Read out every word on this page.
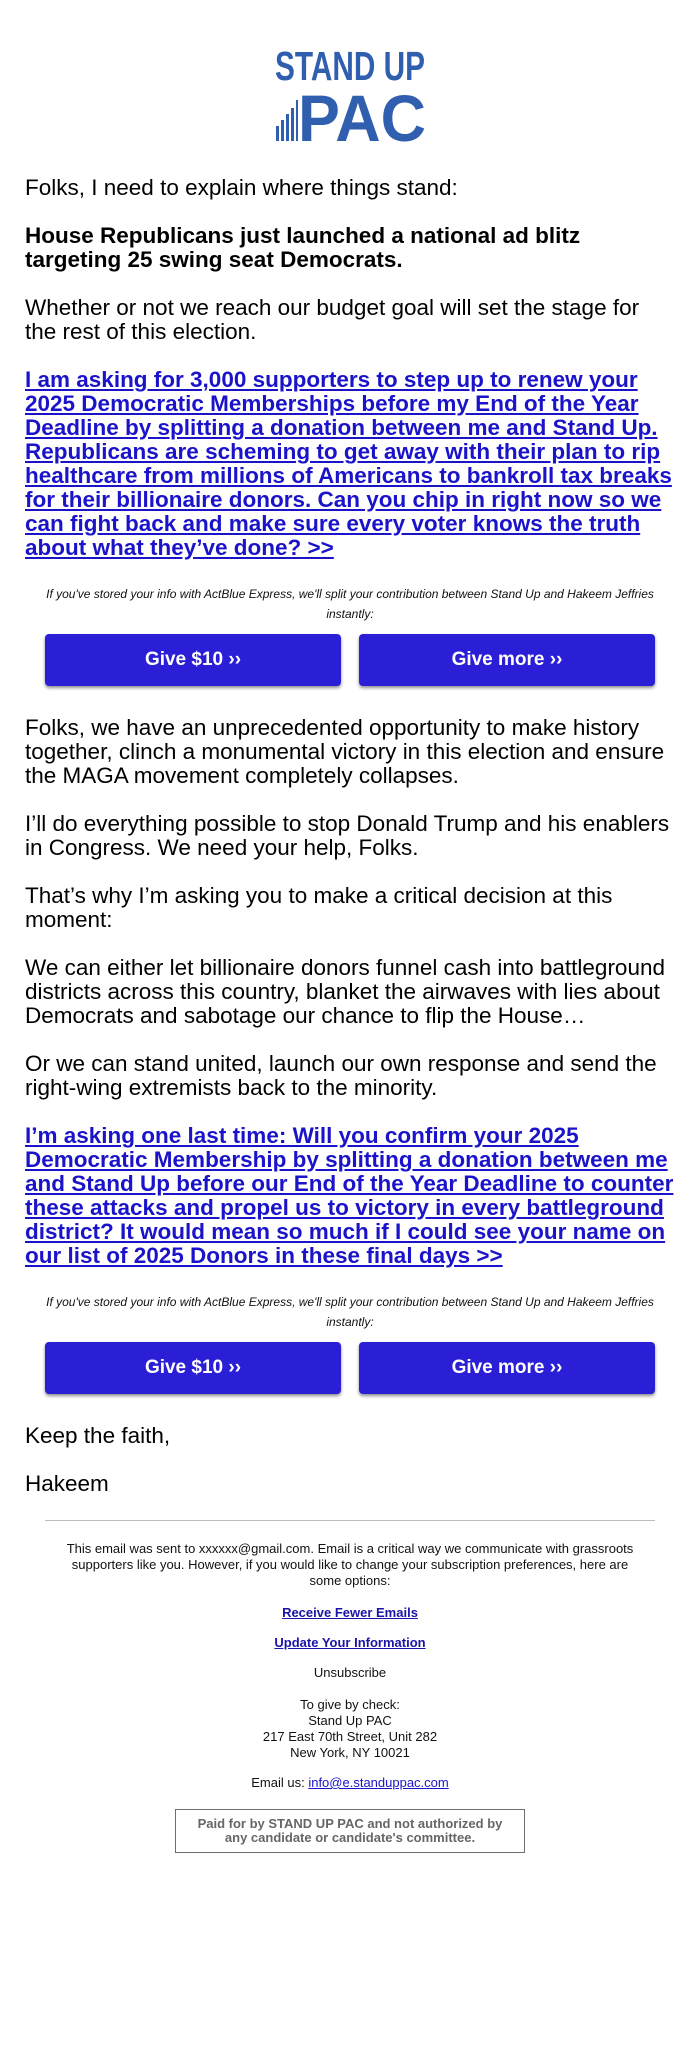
STAND UP
PAC

Folks, I need to explain where things stand:

House Republicans just launched a national ad blitz targeting 25 swing seat Democrats.

Whether or not we reach our budget goal will set the stage for the rest of this election.

I am asking for 3,000 supporters to step up to renew your 2025 Democratic Memberships before my End of the Year Deadline by splitting a donation between me and Stand Up. Republicans are scheming to get away with their plan to rip healthcare from millions of Americans to bankroll tax breaks for their billionaire donors. Can you chip in right now so we can fight back and make sure every voter knows the truth about what they’ve done? >>
If you've stored your info with ActBlue Express, we'll split your contribution between Stand Up and Hakeem Jeffries instantly:
Give $10 ››	Give more ››

Folks, we have an unprecedented opportunity to make history together, clinch a monumental victory in this election and ensure the MAGA movement completely collapses.

I’ll do everything possible to stop Donald Trump and his enablers in Congress. We need your help, Folks.

That’s why I’m asking you to make a critical decision at this moment:

We can either let billionaire donors funnel cash into battleground districts across this country, blanket the airwaves with lies about Democrats and sabotage our chance to flip the House…

Or we can stand united, launch our own response and send the right-wing extremists back to the minority.

I’m asking one last time: Will you confirm your 2025 Democratic Membership by splitting a donation between me and Stand Up before our End of the Year Deadline to counter these attacks and propel us to victory in every battleground district? It would mean so much if I could see your name on our list of 2025 Donors in these final days >>
If you've stored your info with ActBlue Express, we'll split your contribution between Stand Up and Hakeem Jeffries instantly:
Give $10 ››	Give more ››

Keep the faith,

Hakeem

This email was sent to xxxxxx@gmail.com. Email is a critical way we communicate with grassroots supporters like you. However, if you would like to change your subscription preferences, here are some options:
Receive Fewer Emails
Update Your Information
Unsubscribe
To give by check:
Stand Up PAC
217 East 70th Street, Unit 282
New York, NY 10021
Email us: info@e.standuppac.com
Paid for by STAND UP PAC and not authorized by any candidate or candidate's committee.
